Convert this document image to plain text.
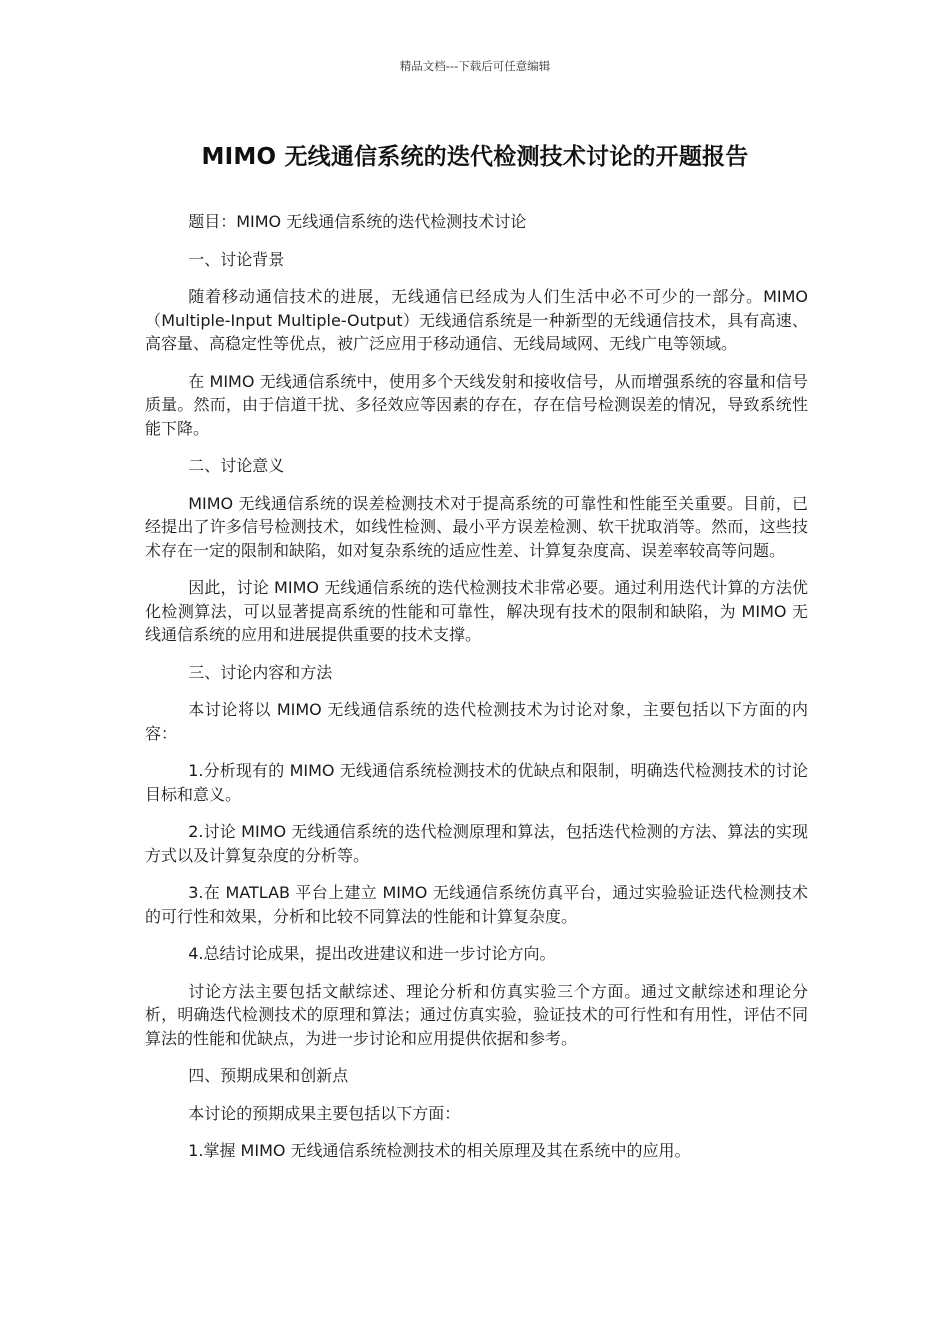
精品文档---下载后可任意编辑
MIMO 无线通信系统的迭代检测技术讨论的开题报告

题目：MIMO 无线通信系统的迭代检测技术讨论

一、讨论背景

随着移动通信技术的进展，无线通信已经成为人们生活中必不可少的一部分。MIMO（Multiple-Input Multiple-Output）无线通信系统是一种新型的无线通信技术，具有高速、高容量、高稳定性等优点，被广泛应用于移动通信、无线局域网、无线广电等领域。

在 MIMO 无线通信系统中，使用多个天线发射和接收信号，从而增强系统的容量和信号质量。然而，由于信道干扰、多径效应等因素的存在，存在信号检测误差的情况，导致系统性能下降。

二、讨论意义

MIMO 无线通信系统的误差检测技术对于提高系统的可靠性和性能至关重要。目前，已经提出了许多信号检测技术，如线性检测、最小平方误差检测、软干扰取消等。然而，这些技术存在一定的限制和缺陷，如对复杂系统的适应性差、计算复杂度高、误差率较高等问题。

因此，讨论 MIMO 无线通信系统的迭代检测技术非常必要。通过利用迭代计算的方法优化检测算法，可以显著提高系统的性能和可靠性，解决现有技术的限制和缺陷，为 MIMO 无线通信系统的应用和进展提供重要的技术支撑。

三、讨论内容和方法

本讨论将以 MIMO 无线通信系统的迭代检测技术为讨论对象，主要包括以下方面的内容：

1.分析现有的 MIMO 无线通信系统检测技术的优缺点和限制，明确迭代检测技术的讨论目标和意义。

2.讨论 MIMO 无线通信系统的迭代检测原理和算法，包括迭代检测的方法、算法的实现方式以及计算复杂度的分析等。

3.在 MATLAB 平台上建立 MIMO 无线通信系统仿真平台，通过实验验证迭代检测技术的可行性和效果，分析和比较不同算法的性能和计算复杂度。

4.总结讨论成果，提出改进建议和进一步讨论方向。

讨论方法主要包括文献综述、理论分析和仿真实验三个方面。通过文献综述和理论分析，明确迭代检测技术的原理和算法；通过仿真实验，验证技术的可行性和有用性，评估不同算法的性能和优缺点，为进一步讨论和应用提供依据和参考。

四、预期成果和创新点

本讨论的预期成果主要包括以下方面：

1.掌握 MIMO 无线通信系统检测技术的相关原理及其在系统中的应用。
